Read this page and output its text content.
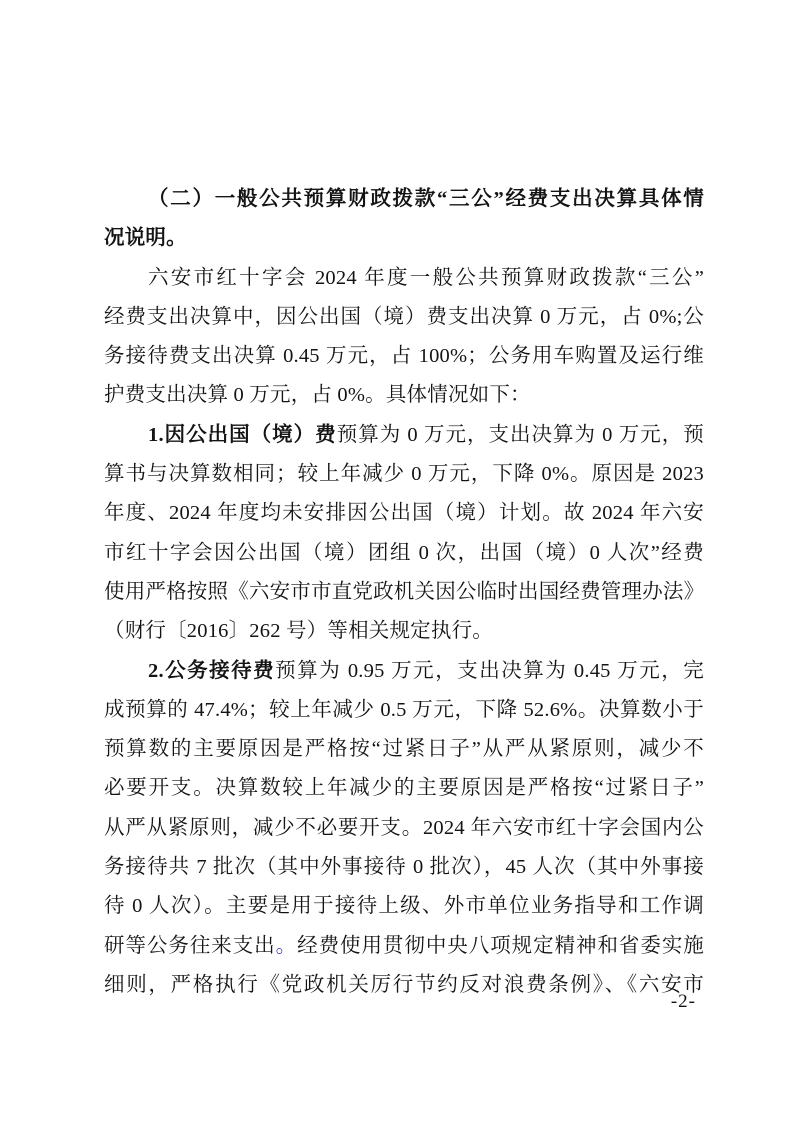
（二）一般公共预算财政拨款“三公”经费支出决算具体情
况说明。
六安市红十字会 2024 年度一般公共预算财政拨款“三公”
经费支出决算中，因公出国（境）费支出决算 0 万元，占 0%;公
务接待费支出决算 0.45 万元，占 100%；公务用车购置及运行维
护费支出决算 0 万元，占 0%。具体情况如下：
1.因公出国（境）费预算为 0 万元，支出决算为 0 万元，预
算书与决算数相同；较上年减少 0 万元，下降 0%。原因是 2023
年度、2024 年度均未安排因公出国（境）计划。故 2024 年六安
市红十字会因公出国（境）团组 0 次，出国（境）0 人次”经费
使用严格按照《六安市市直党政机关因公临时出国经费管理办法》
（财行〔2016〕262 号）等相关规定执行。
2.公务接待费预算为 0.95 万元，支出决算为 0.45 万元，完
成预算的 47.4%；较上年减少 0.5 万元，下降 52.6%。决算数小于
预算数的主要原因是严格按“过紧日子”从严从紧原则，减少不
必要开支。决算数较上年减少的主要原因是严格按“过紧日子”
从严从紧原则，减少不必要开支。2024 年六安市红十字会国内公
务接待共 7 批次（其中外事接待 0 批次），45 人次（其中外事接
待 0 人次）。主要是用于接待上级、外市单位业务指导和工作调
研等公务往来支出。经费使用贯彻中央八项规定精神和省委实施
细则，严格执行《党政机关厉行节约反对浪费条例》、《六安市
-2-
